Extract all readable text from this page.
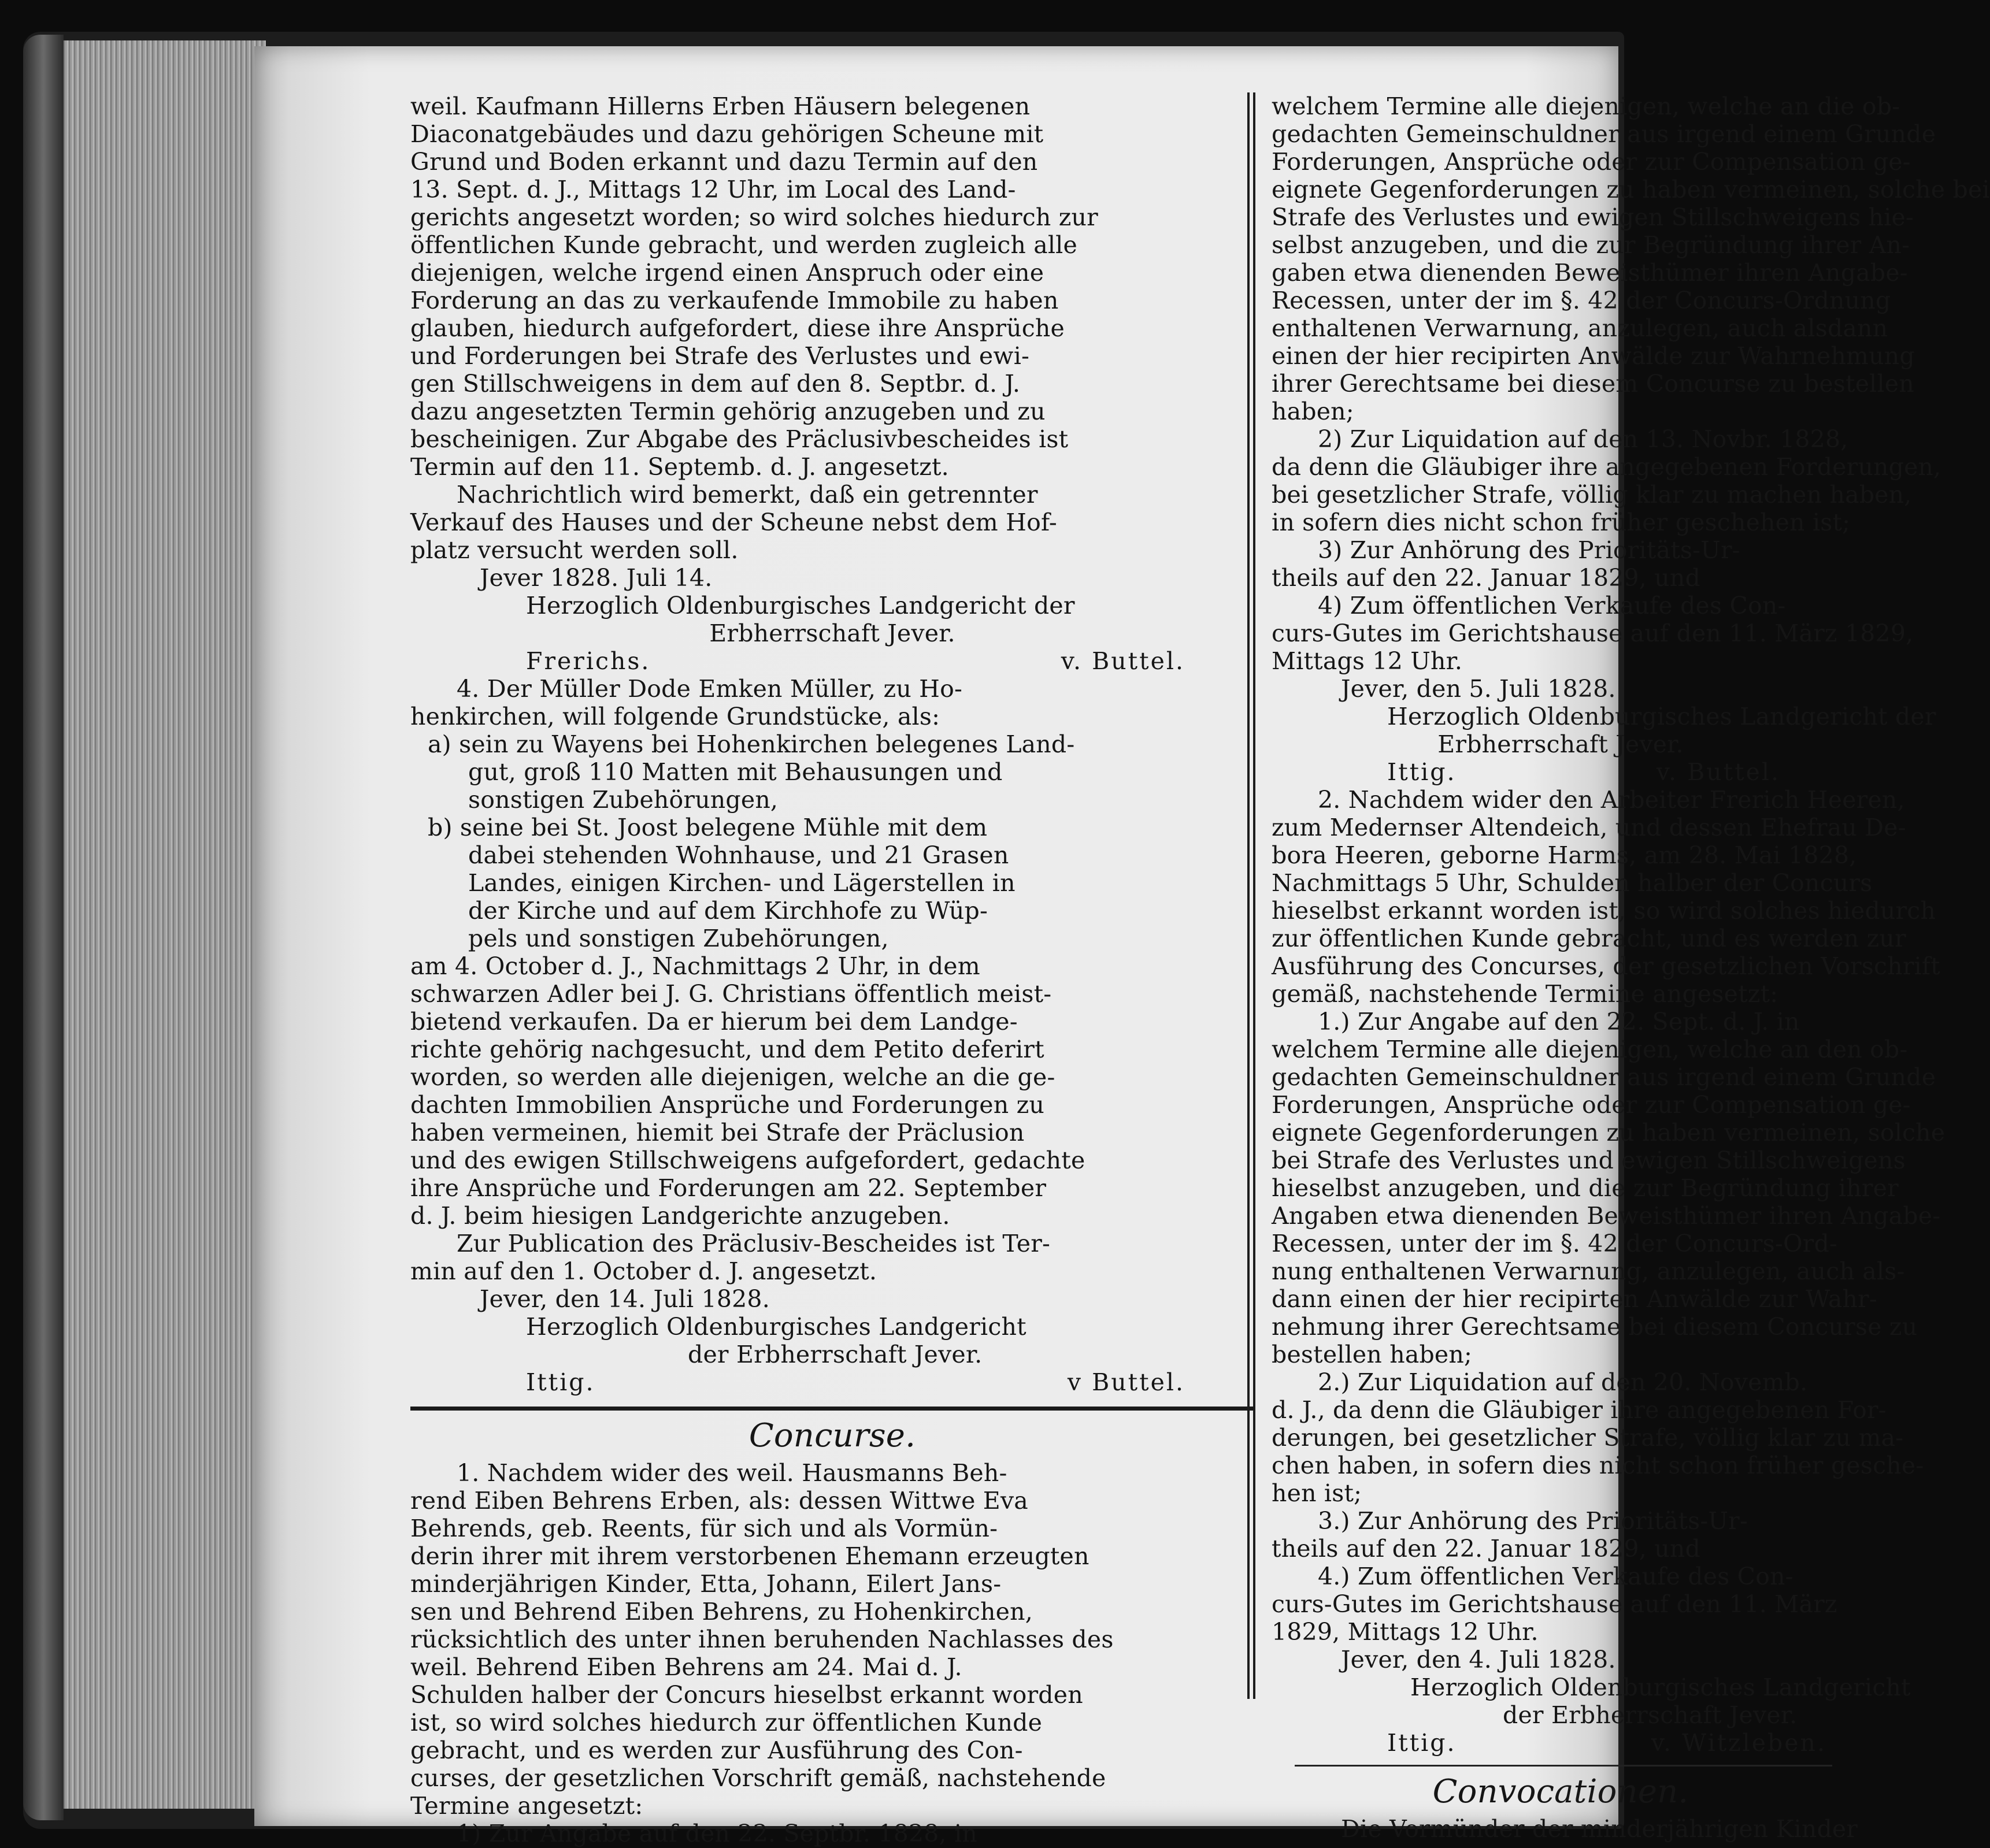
weil. Kaufmann Hillerns Erben Häusern belegenen

Diaconatgebäudes und dazu gehörigen Scheune mit

Grund und Boden erkannt und dazu Termin auf den

13. Sept. d. J., Mittags 12 Uhr, im Local des Land-

gerichts angesetzt worden; so wird solches hiedurch zur

öffentlichen Kunde gebracht, und werden zugleich alle

diejenigen, welche irgend einen Anspruch oder eine

Forderung an das zu verkaufende Immobile zu haben

glauben, hiedurch aufgefordert, diese ihre Ansprüche

und Forderungen bei Strafe des Verlustes und ewi-

gen Stillschweigens in dem auf den 8. Septbr. d. J.

dazu angesetzten Termin gehörig anzugeben und zu

bescheinigen. Zur Abgabe des Präclusivbescheides ist

Termin auf den 11. Septemb. d. J. angesetzt.

Nachrichtlich wird bemerkt, daß ein getrennter

Verkauf des Hauses und der Scheune nebst dem Hof-

platz versucht werden soll.

Jever 1828. Juli 14.

Herzoglich Oldenburgisches Landgericht der

Erbherrschaft Jever.

Frerichs.	v. Buttel.

4. Der Müller Dode Emken Müller, zu Ho-

henkirchen, will folgende Grundstücke, als:

a) sein zu Wayens bei Hohenkirchen belegenes Land-

gut, groß 110 Matten mit Behausungen und

sonstigen Zubehörungen,

b) seine bei St. Joost belegene Mühle mit dem

dabei stehenden Wohnhause, und 21 Grasen

Landes, einigen Kirchen- und Lägerstellen in

der Kirche und auf dem Kirchhofe zu Wüp-

pels und sonstigen Zubehörungen,

am 4. October d. J., Nachmittags 2 Uhr, in dem

schwarzen Adler bei J. G. Christians öffentlich meist-

bietend verkaufen. Da er hierum bei dem Landge-

richte gehörig nachgesucht, und dem Petito deferirt

worden, so werden alle diejenigen, welche an die ge-

dachten Immobilien Ansprüche und Forderungen zu

haben vermeinen, hiemit bei Strafe der Präclusion

und des ewigen Stillschweigens aufgefordert, gedachte

ihre Ansprüche und Forderungen am 22. September

d. J. beim hiesigen Landgerichte anzugeben.

Zur Publication des Präclusiv-Bescheides ist Ter-

min auf den 1. October d. J. angesetzt.

Jever, den 14. Juli 1828.

Herzoglich Oldenburgisches Landgericht

der Erbherrschaft Jever.

Ittig.	v Buttel.
Concurse.

1. Nachdem wider des weil. Hausmanns Beh-

rend Eiben Behrens Erben, als: dessen Wittwe Eva

Behrends, geb. Reents, für sich und als Vormün-

derin ihrer mit ihrem verstorbenen Ehemann erzeugten

minderjährigen Kinder, Etta, Johann, Eilert Jans-

sen und Behrend Eiben Behrens, zu Hohenkirchen,

rücksichtlich des unter ihnen beruhenden Nachlasses des

weil. Behrend Eiben Behrens am 24. Mai d. J.

Schulden halber der Concurs hieselbst erkannt worden

ist, so wird solches hiedurch zur öffentlichen Kunde

gebracht, und es werden zur Ausführung des Con-

curses, der gesetzlichen Vorschrift gemäß, nachstehende

Termine angesetzt:

1) Zur Angabe auf den 22. Septbr. 1828, in

welchem Termine alle diejenigen, welche an die ob-

gedachten Gemeinschuldner aus irgend einem Grunde

Forderungen, Ansprüche oder zur Compensation ge-

eignete Gegenforderungen zu haben vermeinen, solche bei

Strafe des Verlustes und ewigen Stillschweigens hie-

selbst anzugeben, und die zur Begründung ihrer An-

gaben etwa dienenden Beweisthümer ihren Angabe-

Recessen, unter der im §. 42 der Concurs-Ordnung

enthaltenen Verwarnung, anzulegen, auch alsdann

einen der hier recipirten Anwälde zur Wahrnehmung

ihrer Gerechtsame bei diesem Concurse zu bestellen

haben;

2) Zur Liquidation auf den 13. Novbr. 1828,

da denn die Gläubiger ihre angegebenen Forderungen,

bei gesetzlicher Strafe, völlig klar zu machen haben,

in sofern dies nicht schon früher geschehen ist;

3) Zur Anhörung des Prioritäts-Ur-

theils auf den 22. Januar 1829, und

4) Zum öffentlichen Verkaufe des Con-

curs-Gutes im Gerichtshause auf den 11. März 1829,

Mittags 12 Uhr.

Jever, den 5. Juli 1828.

Herzoglich Oldenburgisches Landgericht der

Erbherrschaft Jever.

Ittig.	v. Buttel.

2. Nachdem wider den Arbeiter Frerich Heeren,

zum Medernser Altendeich, und dessen Ehefrau De-

bora Heeren, geborne Harms, am 28. Mai 1828,

Nachmittags 5 Uhr, Schulden halber der Concurs

hieselbst erkannt worden ist, so wird solches hiedurch

zur öffentlichen Kunde gebracht, und es werden zur

Ausführung des Concurses, der gesetzlichen Vorschrift

gemäß, nachstehende Termine angesetzt:

1.) Zur Angabe auf den 22. Sept. d. J. in

welchem Termine alle diejenigen, welche an den ob-

gedachten Gemeinschuldner aus irgend einem Grunde

Forderungen, Ansprüche oder zur Compensation ge-

eignete Gegenforderungen zu haben vermeinen, solche

bei Strafe des Verlustes und ewigen Stillschweigens

hieselbst anzugeben, und die zur Begründung ihrer

Angaben etwa dienenden Beweisthümer ihren Angabe-

Recessen, unter der im §. 42 der Concurs-Ord-

nung enthaltenen Verwarnung, anzulegen, auch als-

dann einen der hier recipirten Anwälde zur Wahr-

nehmung ihrer Gerechtsame bei diesem Concurse zu

bestellen haben;

2.) Zur Liquidation auf den 20. Novemb.

d. J., da denn die Gläubiger ihre angegebenen For-

derungen, bei gesetzlicher Strafe, völlig klar zu ma-

chen haben, in sofern dies nicht schon früher gesche-

hen ist;

3.) Zur Anhörung des Prioritäts-Ur-

theils auf den 22. Januar 1829, und

4.) Zum öffentlichen Verkaufe des Con-

curs-Gutes im Gerichtshause auf den 11. März

1829, Mittags 12 Uhr.

Jever, den 4. Juli 1828.

Herzoglich Oldenburgisches Landgericht

der Erbherrschaft Jever.

Ittig.	v. Witzleben.
Convocationen.

Die Vormünder der minderjährigen Kinder
